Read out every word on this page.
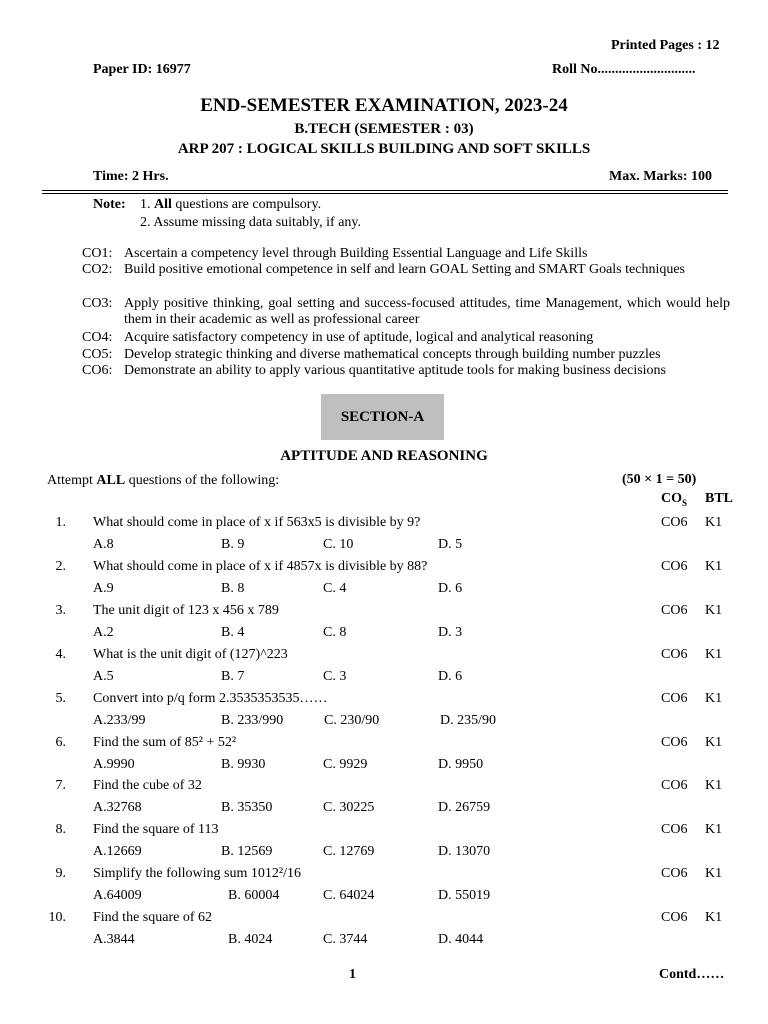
Printed Pages : 12
Paper ID: 16977	Roll No............................
END-SEMESTER EXAMINATION, 2023-24
B.TECH (SEMESTER : 03)
ARP 207 : LOGICAL SKILLS BUILDING AND SOFT SKILLS
Time: 2 Hrs.	Max. Marks: 100
Note: 1. All questions are compulsory.
2. Assume missing data suitably, if any.
CO1: Ascertain a competency level through Building Essential Language and Life Skills
CO2: Build positive emotional competence in self and learn GOAL Setting and SMART Goals techniques
CO3: Apply positive thinking, goal setting and success-focused attitudes, time Management, which would help them in their academic as well as professional career
CO4: Acquire satisfactory competency in use of aptitude, logical and analytical reasoning
CO5: Develop strategic thinking and diverse mathematical concepts through building number puzzles
CO6: Demonstrate an ability to apply various quantitative aptitude tools for making business decisions
SECTION-A
APTITUDE AND REASONING
Attempt ALL questions of the following:	(50 × 1 = 50)
$CO_S$ BTL
1. What should come in place of x if 563x5 is divisible by 9?	CO6 K1
A.8	B. 9	C. 10	D. 5
2. What should come in place of x if 4857x is divisible by 88?	CO6 K1
A.9	B. 8	C. 4	D. 6
3. The unit digit of 123 x 456 x 789	CO6 K1
A.2	B. 4	C. 8	D. 3
4. What is the unit digit of (127)^223	CO6 K1
A.5	B. 7	C. 3	D. 6
5. Convert into p/q form 2.3535353535……	CO6 K1
A.233/99	B. 233/990	C. 230/90	D. 235/90
6. Find the sum of 85² + 52²	CO6 K1
A.9990	B. 9930	C. 9929	D. 9950
7. Find the cube of 32	CO6 K1
A.32768	B. 35350	C. 30225	D. 26759
8. Find the square of 113	CO6 K1
A.12669	B. 12569	C. 12769	D. 13070
9. Simplify the following sum 1012²/16	CO6 K1
A.64009	B. 60004	C. 64024	D. 55019
10. Find the square of 62	CO6 K1
A.3844	B. 4024	C. 3744	D. 4044
1	Contd……
